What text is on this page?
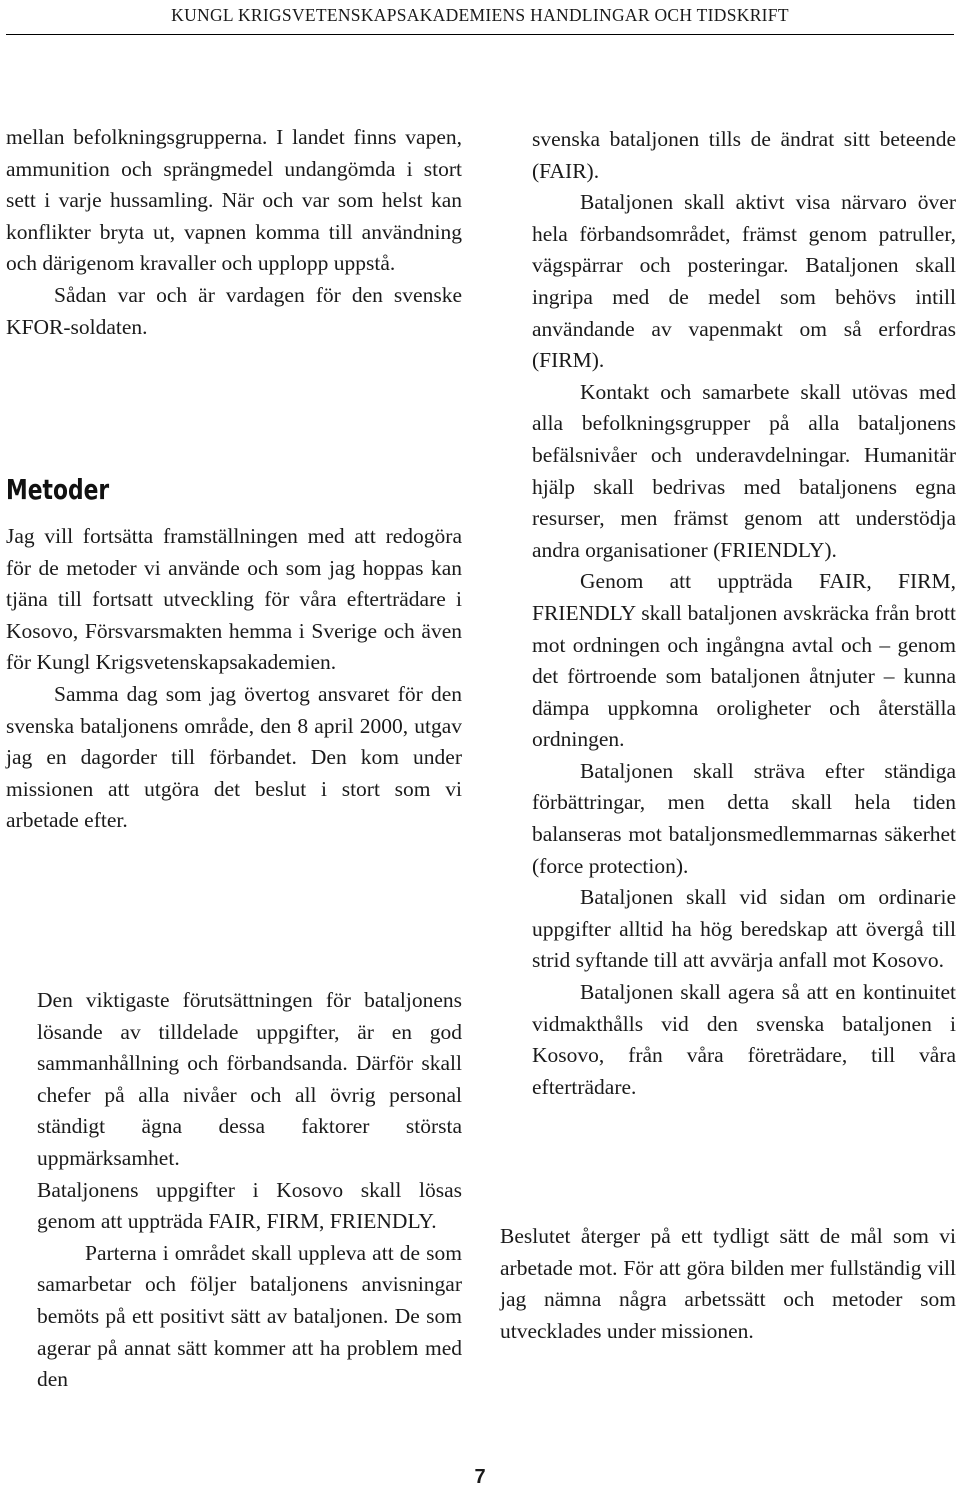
KUNGL KRIGSVETENSKAPSAKADEMIENS HANDLINGAR OCH TIDSKRIFT

mellan befolkningsgrupperna. I landet finns vapen, ammunition och sprängmedel undangömda i stort sett i varje hussamling. När och var som helst kan konflikter bryta ut, vapnen komma till användning och därigenom kravaller och upplopp uppstå.

Sådan var och är vardagen för den svenske KFOR-soldaten.

Metoder

Jag vill fortsätta framställningen med att redogöra för de metoder vi använde och som jag hoppas kan tjäna till fortsatt utveckling för våra efterträdare i Kosovo, Försvarsmakten hemma i Sverige och även för Kungl Krigsvetenskapsakademien.

Samma dag som jag övertog ansvaret för den svenska bataljonens område, den 8 april 2000, utgav jag en dagorder till förbandet. Den kom under missionen att utgöra det beslut i stort som vi arbetade efter.

Den viktigaste förutsättningen för bataljonens lösande av tilldelade uppgifter, är en god sammanhållning och förbandsanda. Därför skall chefer på alla nivåer och all övrig personal ständigt ägna dessa faktorer största uppmärksamhet.

Bataljonens uppgifter i Kosovo skall lösas genom att uppträda FAIR, FIRM, FRIENDLY.

Parterna i området skall uppleva att de som samarbetar och följer bataljonens anvisningar bemöts på ett positivt sätt av bataljonen. De som agerar på annat sätt kommer att ha problem med den

svenska bataljonen tills de ändrat sitt beteende (FAIR).

Bataljonen skall aktivt visa närvaro över hela förbandsområdet, främst genom patruller, vägspärrar och posteringar. Bataljonen skall ingripa med de medel som behövs intill användande av vapenmakt om så erfordras (FIRM).

Kontakt och samarbete skall utövas med alla befolkningsgrupper på alla bataljonens befälsnivåer och underavdelningar. Humanitär hjälp skall bedrivas med bataljonens egna resurser, men främst genom att understödja andra organisationer (FRIENDLY).

Genom att uppträda FAIR, FIRM, FRIENDLY skall bataljonen avskräcka från brott mot ordningen och ingångna avtal och – genom det förtroende som bataljonen åtnjuter – kunna dämpa uppkomna oroligheter och återställa ordningen.

Bataljonen skall sträva efter ständiga förbättringar, men detta skall hela tiden balanseras mot bataljonsmedlemmarnas säkerhet (force protection).

Bataljonen skall vid sidan om ordinarie uppgifter alltid ha hög beredskap att övergå till strid syftande till att avvärja anfall mot Kosovo.

Bataljonen skall agera så att en kontinuitet vidmakthålls vid den svenska bataljonen i Kosovo, från våra företrädare, till våra efterträdare.

Beslutet återger på ett tydligt sätt de mål som vi arbetade mot. För att göra bilden mer fullständig vill jag nämna några arbetssätt och metoder som utvecklades under missionen.
7
